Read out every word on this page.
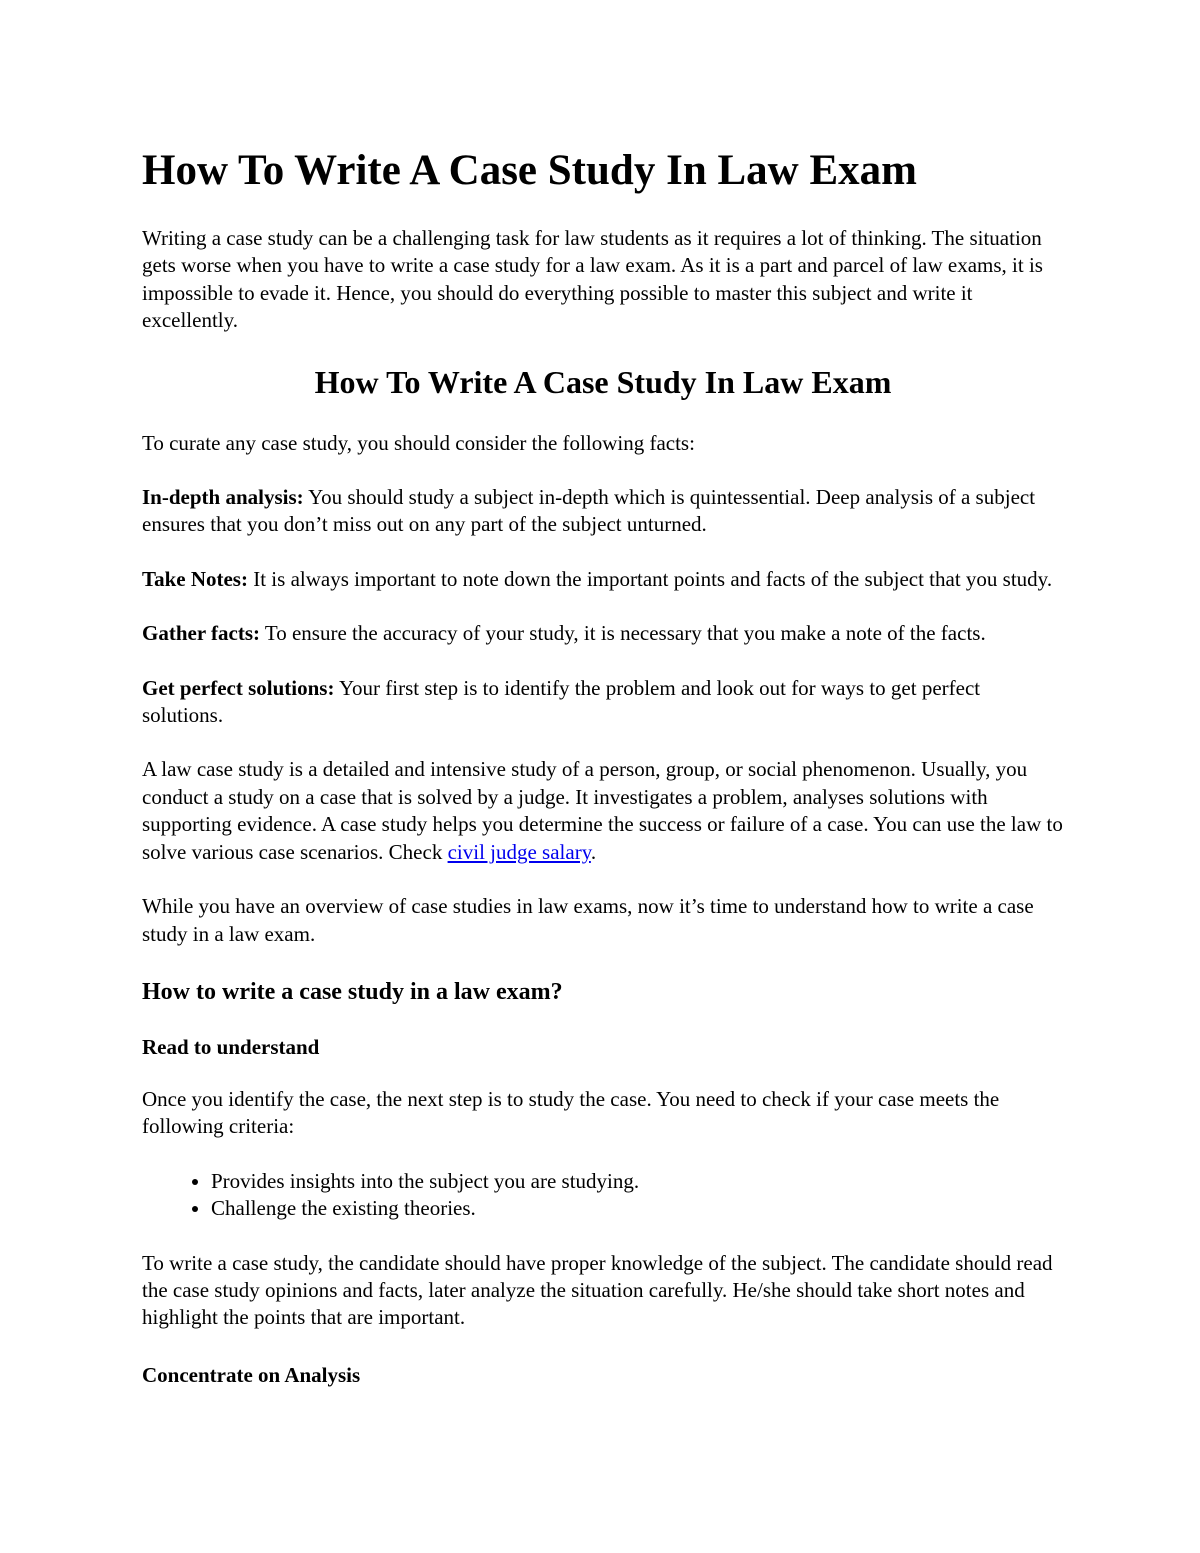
How To Write A Case Study In Law Exam

Writing a case study can be a challenging task for law students as it requires a lot of thinking. The situation gets worse when you have to write a case study for a law exam. As it is a part and parcel of law exams, it is impossible to evade it. Hence, you should do everything possible to master this subject and write it excellently.

How To Write A Case Study In Law Exam

To curate any case study, you should consider the following facts:

In-depth analysis: You should study a subject in-depth which is quintessential. Deep analysis of a subject ensures that you don’t miss out on any part of the subject unturned.

Take Notes: It is always important to note down the important points and facts of the subject that you study.

Gather facts: To ensure the accuracy of your study, it is necessary that you make a note of the facts.

Get perfect solutions: Your first step is to identify the problem and look out for ways to get perfect solutions.

A law case study is a detailed and intensive study of a person, group, or social phenomenon. Usually, you conduct a study on a case that is solved by a judge. It investigates a problem, analyses solutions with supporting evidence. A case study helps you determine the success or failure of a case. You can use the law to solve various case scenarios. Check civil judge salary.

While you have an overview of case studies in law exams, now it’s time to understand how to write a case study in a law exam.

How to write a case study in a law exam?
Read to understand

Once you identify the case, the next step is to study the case. You need to check if your case meets the following criteria:

• Provides insights into the subject you are studying.
• Challenge the existing theories.

To write a case study, the candidate should have proper knowledge of the subject. The candidate should read the case study opinions and facts, later analyze the situation carefully. He/she should take short notes and highlight the points that are important.

Concentrate on Analysis
